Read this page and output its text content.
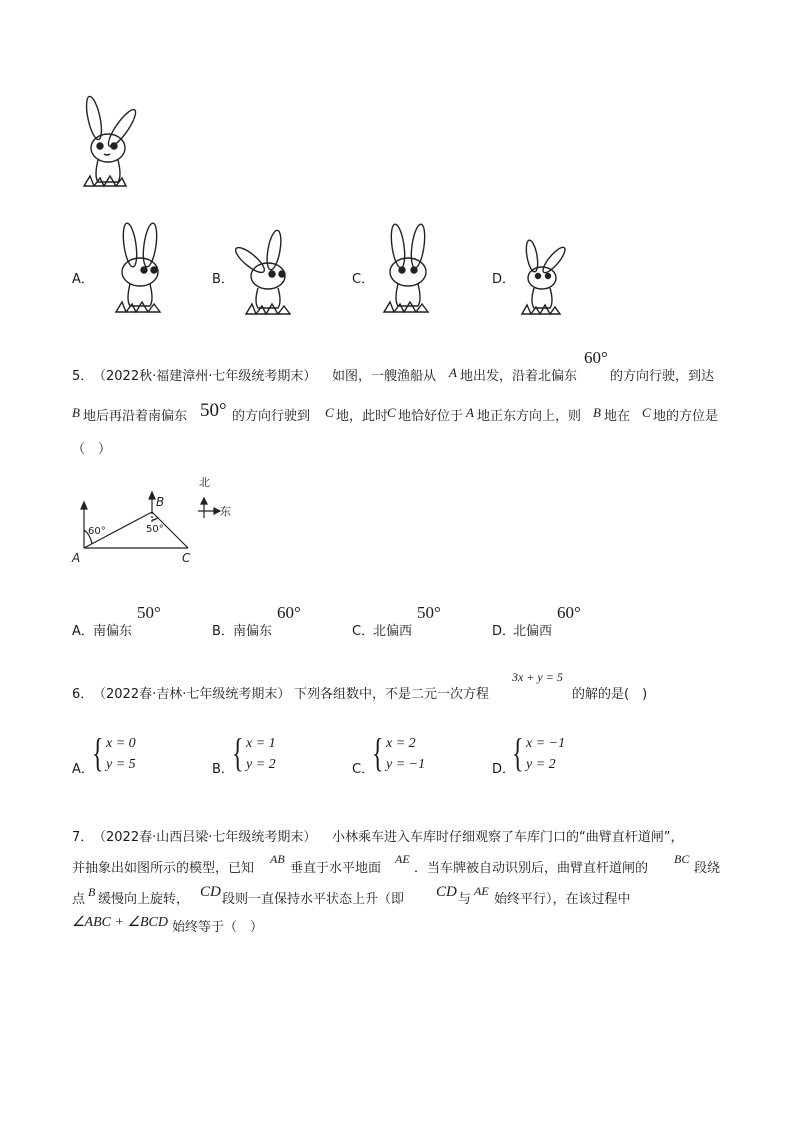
A．	B．	C．	D．
5． （2022秋·福建漳州·七年级统考期末） 如图，一艘渔船从 A 地出发，沿着北偏东
60°
的方向行驶，到达
B 地后再沿着南偏东 50° 的方向行驶到 C 地，此时
C 地恰好位于 A 地正东方向上，则 B 地在 C 地的方位是
（　）
60°	50°
A
B
C
北
东
A． 南偏东
50°
B． 南偏东
60°
C．
北偏西
50°
D．
北偏西
60°
6． （2022春·吉林·七年级统考期末） 下列各组数中，不是二元一次方程
3x + y = 5
的解的是(　)
A．
{ x = 0
y = 5	B．
{ x = 1
y = 2	C．
{ x = 2
y = −1	D．
{ x = −1
y = 2
7． （2022春·山西吕梁·七年级统考期末） 小林乘车进入车库时仔细观察了车库门口的“曲臂直杆道闸”，
并抽象出如图所示的模型，已知
AB
垂直于水平地面
AE
．当车牌被自动识别后，曲臂直杆道闸的
BC
段绕
点 B 缓慢向上旋转， CD 段则一直保持水平状态上升（即 CD 与
AE
始终平行），在该过程中
∠ABC + ∠BCD 始终等于（　）
